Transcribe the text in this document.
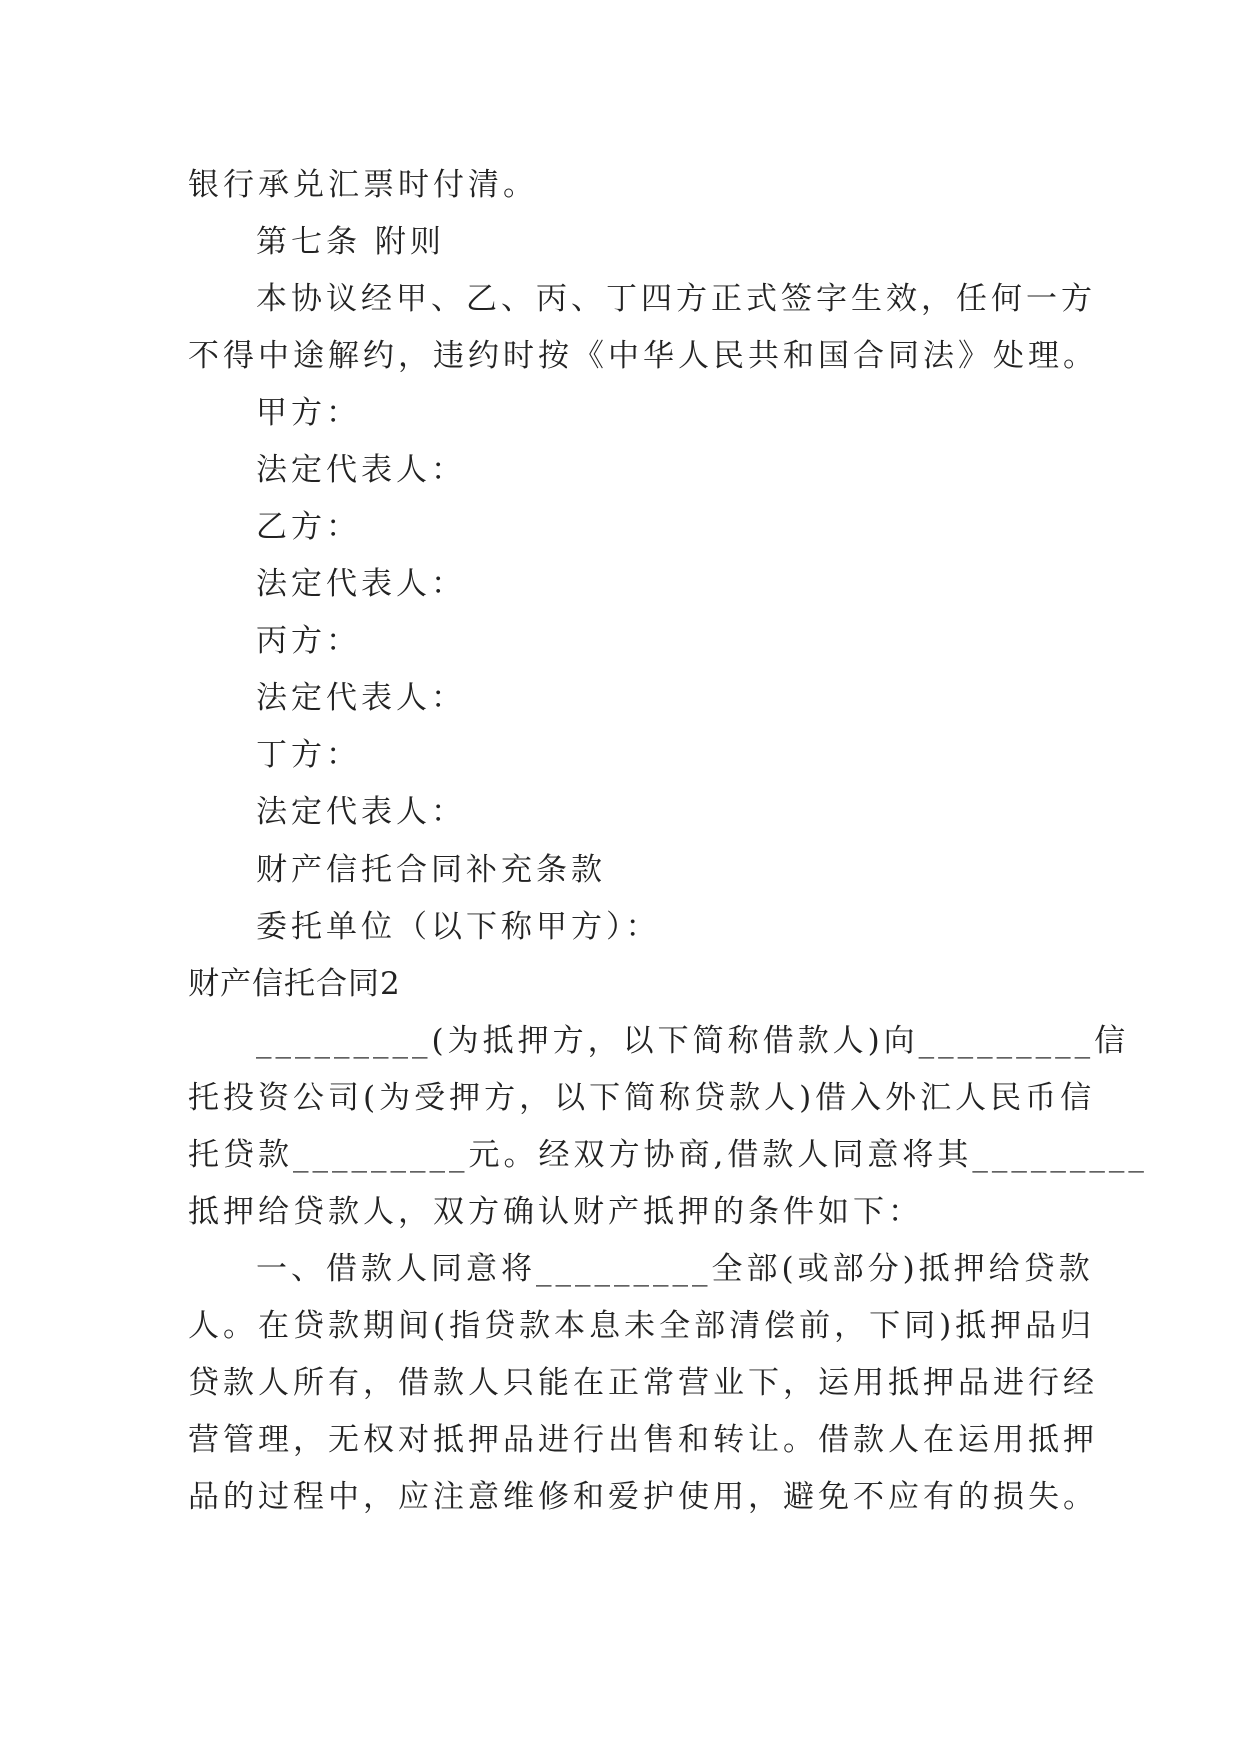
银行承兑汇票时付清。
第七条 附则
本协议经甲、乙、丙、丁四方正式签字生效，任何一方
不得中途解约，违约时按《中华人民共和国合同法》处理。
甲方：
法定代表人：
乙方：
法定代表人：
丙方：
法定代表人：
丁方：
法定代表人：
财产信托合同补充条款
委托单位（以下称甲方）：
财产信托合同2
_________(为抵押方，以下简称借款人)向_________信
托投资公司(为受押方，以下简称贷款人)借入外汇人民币信
托贷款_________元。经双方协商,借款人同意将其_________
抵押给贷款人，双方确认财产抵押的条件如下：
一、借款人同意将_________全部(或部分)抵押给贷款
人。在贷款期间(指贷款本息未全部清偿前，下同)抵押品归
贷款人所有，借款人只能在正常营业下，运用抵押品进行经
营管理，无权对抵押品进行出售和转让。借款人在运用抵押
品的过程中，应注意维修和爱护使用，避免不应有的损失。
